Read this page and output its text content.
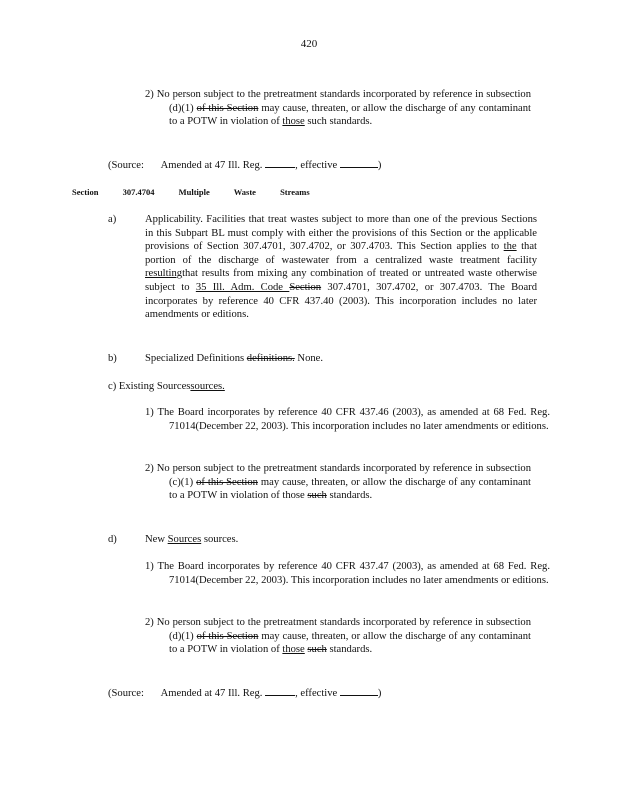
420
2) No person subject to the pretreatment standards incorporated by reference in subsection (d)(1) of this Section may cause, threaten, or allow the discharge of any contaminant to a POTW in violation of those such standards.
(Source: Amended at 47 Ill. Reg.	, effective	)
Section	307.4704	Multiple	Waste	Streams
a)	Applicability. Facilities that treat wastes subject to more than one of the previous Sections in this Subpart BL must comply with either the provisions of this Section or the applicable provisions of Section 307.4701, 307.4702, or 307.4703. This Section applies to the that portion of the discharge of wastewater from a centralized waste treatment facility resultingthat results from mixing any combination of treated or untreated waste otherwise subject to 35 Ill. Adm. Code Section 307.4701, 307.4702, or 307.4703. The Board incorporates by reference 40 CFR 437.40 (2003). This incorporation includes no later amendments or editions.
b)	Specialized Definitions definitions. None.
c) Existing Sourcessources.
1) The Board incorporates by reference 40 CFR 437.46 (2003), as amended at 68 Fed. Reg. 71014(December 22, 2003). This incorporation includes no later amendments or editions.
2) No person subject to the pretreatment standards incorporated by reference in subsection (c)(1) of this Section may cause, threaten, or allow the discharge of any contaminant to a POTW in violation of those such standards.
d)	New Sources sources.
1) The Board incorporates by reference 40 CFR 437.47 (2003), as amended at 68 Fed. Reg. 71014(December 22, 2003). This incorporation includes no later amendments or editions.
2) No person subject to the pretreatment standards incorporated by reference in subsection (d)(1) of this Section may cause, threaten, or allow the discharge of any contaminant to a POTW in violation of those such standards.
(Source: Amended at 47 Ill. Reg.	, effective	)
